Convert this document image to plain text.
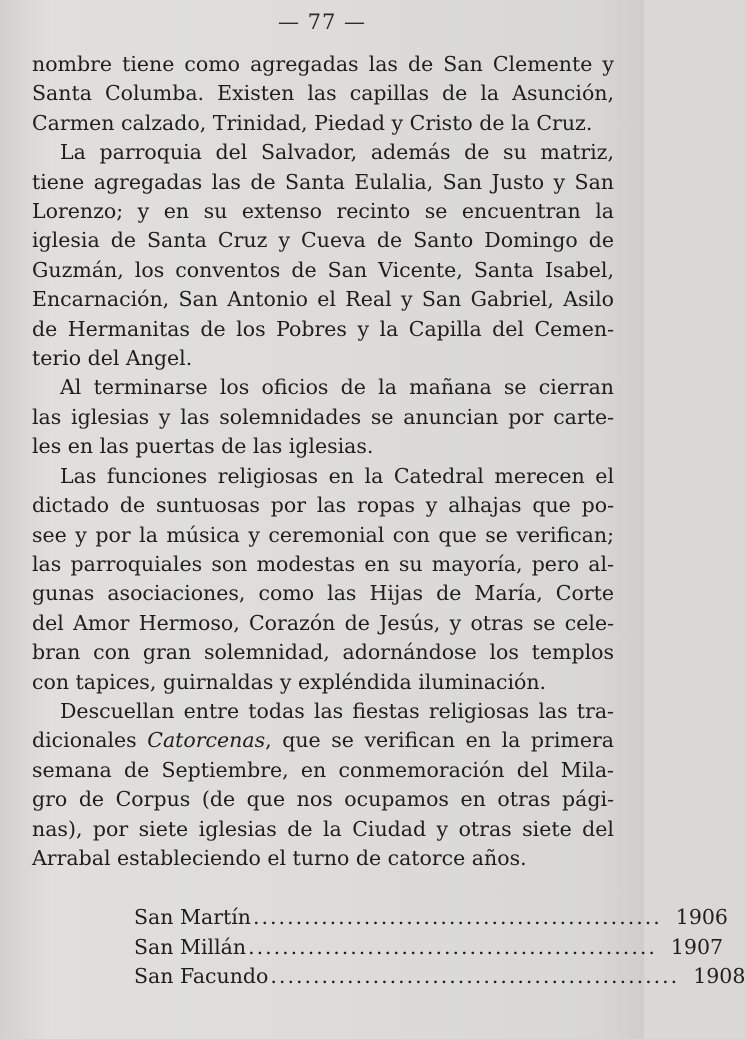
— 77 —
nombre tiene como agregadas las de San Clemente y
Santa Columba. Existen las capillas de la Asunción,
Carmen calzado, Trinidad, Piedad y Cristo de la Cruz.
La parroquia del Salvador, además de su matriz,
tiene agregadas las de Santa Eulalia, San Justo y San
Lorenzo; y en su extenso recinto se encuentran la
iglesia de Santa Cruz y Cueva de Santo Domingo de
Guzmán, los conventos de San Vicente, Santa Isabel,
Encarnación, San Antonio el Real y San Gabriel, Asilo
de Hermanitas de los Pobres y la Capilla del Cemen-
terio del Angel.
Al terminarse los oficios de la mañana se cierran
las iglesias y las solemnidades se anuncian por carte-
les en las puertas de las iglesias.
Las funciones religiosas en la Catedral merecen el
dictado de suntuosas por las ropas y alhajas que po-
see y por la música y ceremonial con que se verifican;
las parroquiales son modestas en su mayoría, pero al-
gunas asociaciones, como las Hijas de María, Corte
del Amor Hermoso, Corazón de Jesús, y otras se cele-
bran con gran solemnidad, adornándose los templos
con tapices, guirnaldas y expléndida iluminación.
Descuellan entre todas las fiestas religiosas las tra-
dicionales Catorcenas, que se verifican en la primera
semana de Septiembre, en conmemoración del Mila-
gro de Corpus (de que nos ocupamos en otras pági-
nas), por siete iglesias de la Ciudad y otras siete del
Arrabal estableciendo el turno de catorce años.
San Martín ................................................ 1906
San Millán ................................................ 1907
San Facundo ................................................ 1908
